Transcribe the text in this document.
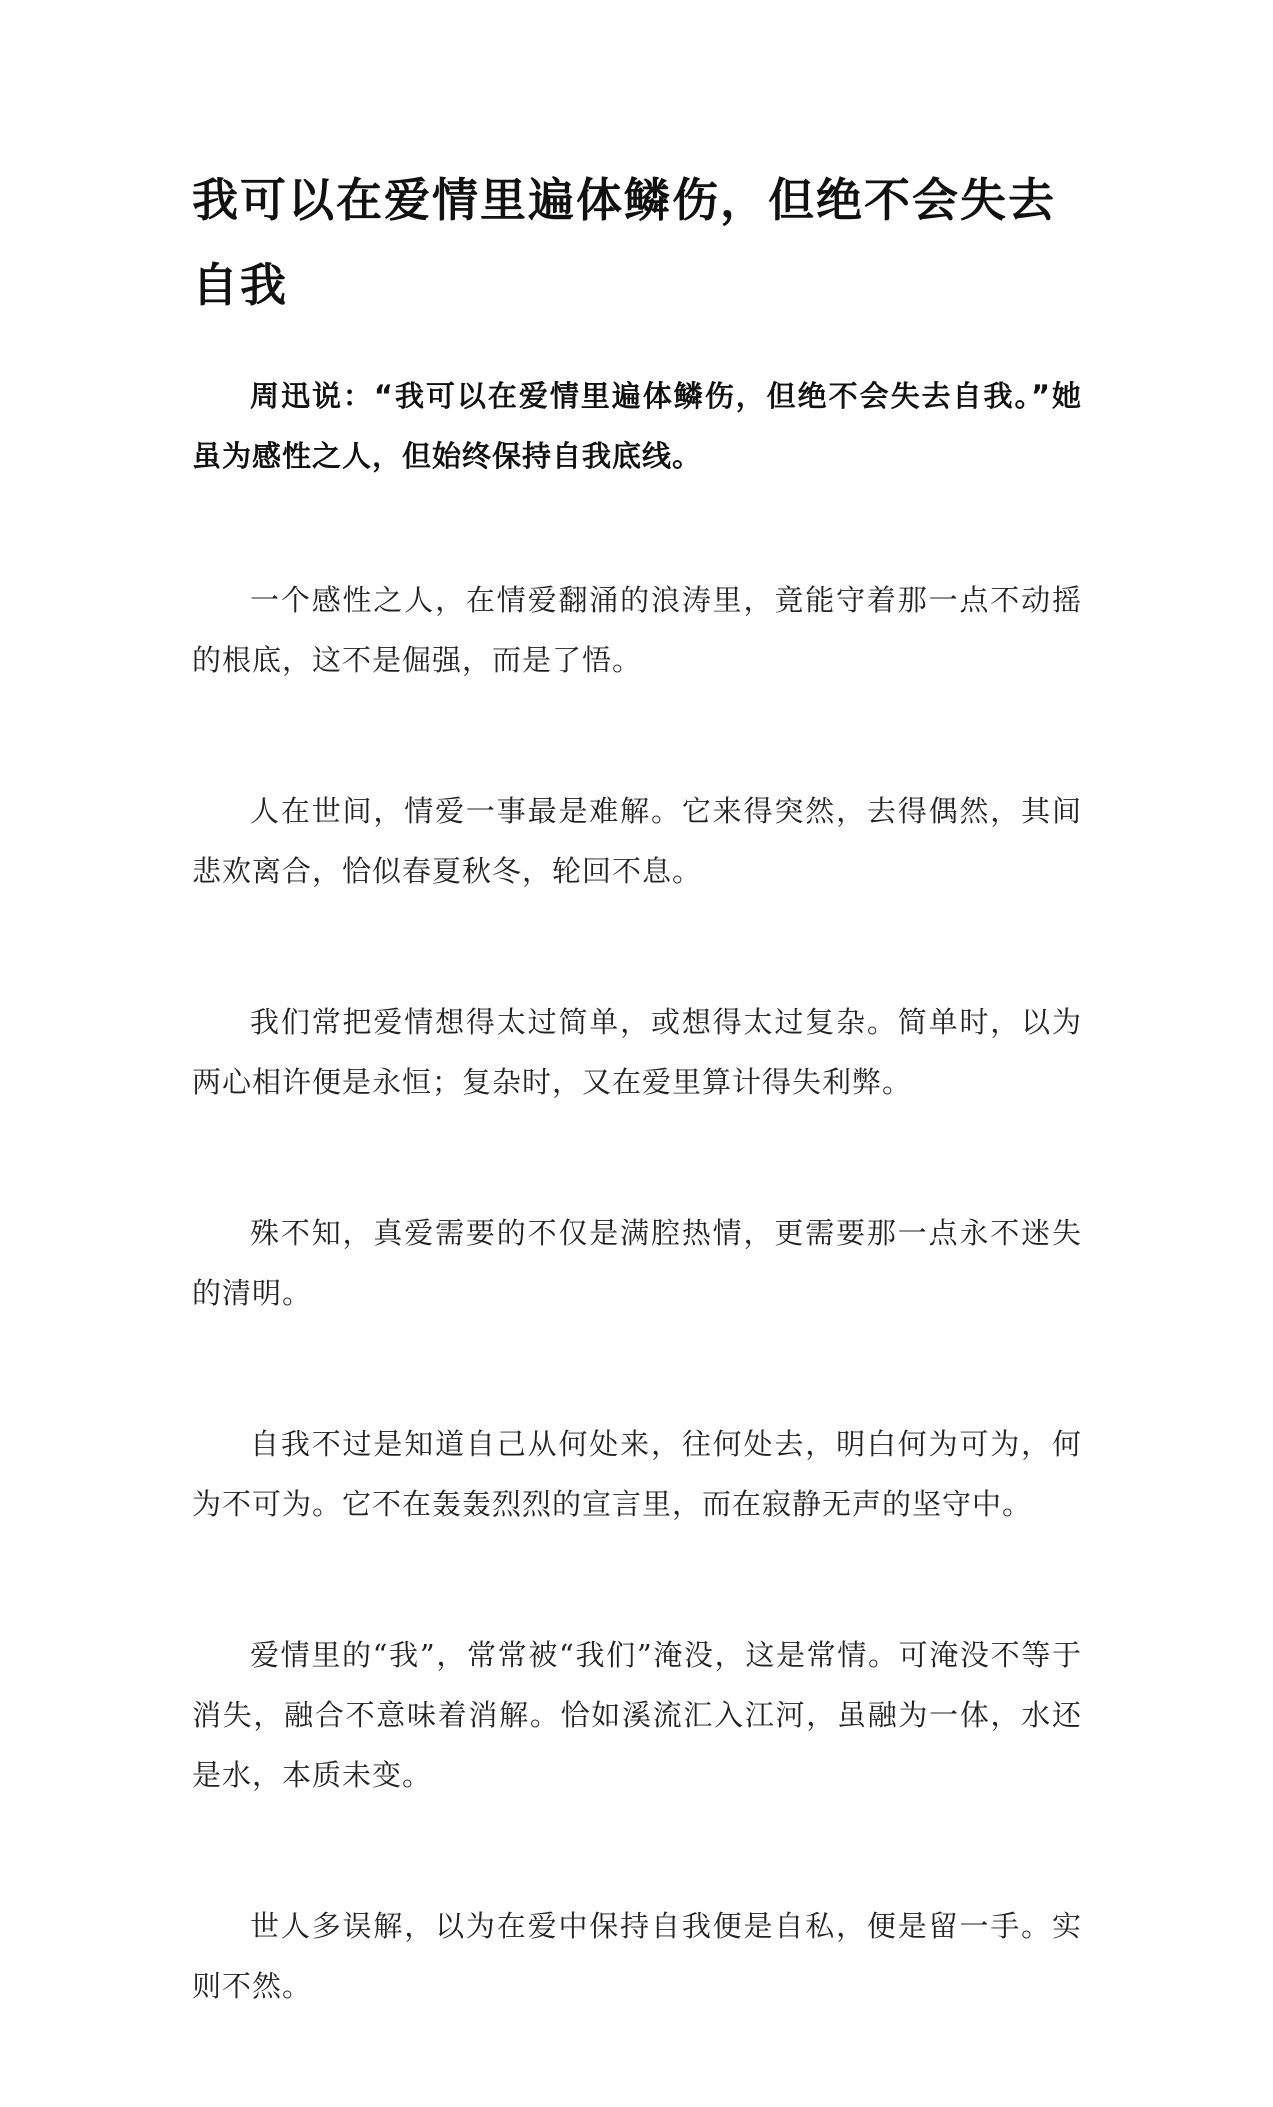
我可以在爱情里遍体鳞伤，但绝不会失去自我

周迅说：“我可以在爱情里遍体鳞伤，但绝不会失去自我。”她虽为感性之人，但始终保持自我底线。

一个感性之人，在情爱翻涌的浪涛里，竟能守着那一点不动摇的根底，这不是倔强，而是了悟。

人在世间，情爱一事最是难解。它来得突然，去得偶然，其间悲欢离合，恰似春夏秋冬，轮回不息。

我们常把爱情想得太过简单，或想得太过复杂。简单时，以为两心相许便是永恒；复杂时，又在爱里算计得失利弊。

殊不知，真爱需要的不仅是满腔热情，更需要那一点永不迷失的清明。

自我不过是知道自己从何处来，往何处去，明白何为可为，何为不可为。它不在轰轰烈烈的宣言里，而在寂静无声的坚守中。

爱情里的“我”，常常被“我们”淹没，这是常情。可淹没不等于消失，融合不意味着消解。恰如溪流汇入江河，虽融为一体，水还是水，本质未变。

世人多误解，以为在爱中保持自我便是自私，便是留一手。实则不然。
